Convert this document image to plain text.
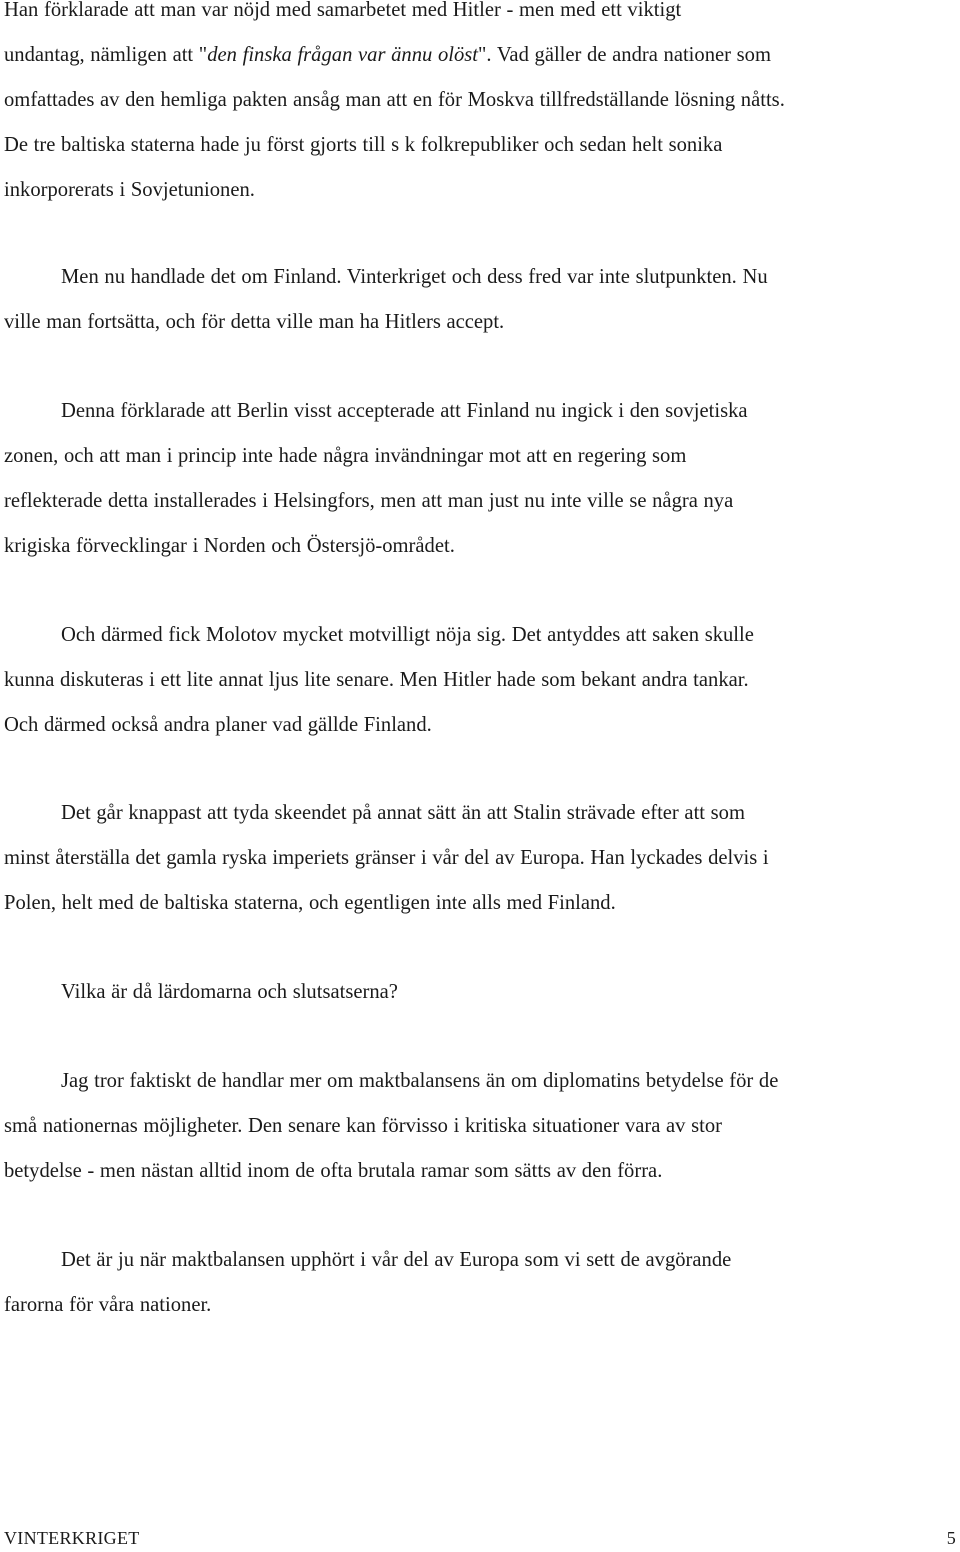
Han förklarade att man var nöjd med samarbetet med Hitler - men med ett viktigt
undantag, nämligen att "den finska frågan var ännu olöst". Vad gäller de andra nationer som
omfattades av den hemliga pakten ansåg man att en för Moskva tillfredställande lösning nåtts.
De tre baltiska staterna hade ju först gjorts till s k folkrepubliker och sedan helt sonika
inkorporerats i Sovjetunionen.

Men nu handlade det om Finland. Vinterkriget och dess fred var inte slutpunkten. Nu
ville man fortsätta, och för detta ville man ha Hitlers accept.

Denna förklarade att Berlin visst accepterade att Finland nu ingick i den sovjetiska
zonen, och att man i princip inte hade några invändningar mot att en regering som
reflekterade detta installerades i Helsingfors, men att man just nu inte ville se några nya
krigiska förvecklingar i Norden och Östersjö-området.

Och därmed fick Molotov mycket motvilligt nöja sig. Det antyddes att saken skulle
kunna diskuteras i ett lite annat ljus lite senare. Men Hitler hade som bekant andra tankar.
Och därmed också andra planer vad gällde Finland.

Det går knappast att tyda skeendet på annat sätt än att Stalin strävade efter att som
minst återställa det gamla ryska imperiets gränser i vår del av Europa. Han lyckades delvis i
Polen, helt med de baltiska staterna, och egentligen inte alls med Finland.

Vilka är då lärdomarna och slutsatserna?

Jag tror faktiskt de handlar mer om maktbalansens än om diplomatins betydelse för de
små nationernas möjligheter. Den senare kan förvisso i kritiska situationer vara av stor
betydelse - men nästan alltid inom de ofta brutala ramar som sätts av den förra.

Det är ju när maktbalansen upphört i vår del av Europa som vi sett de avgörande
farorna för våra nationer.

VINTERKRIGET	5
